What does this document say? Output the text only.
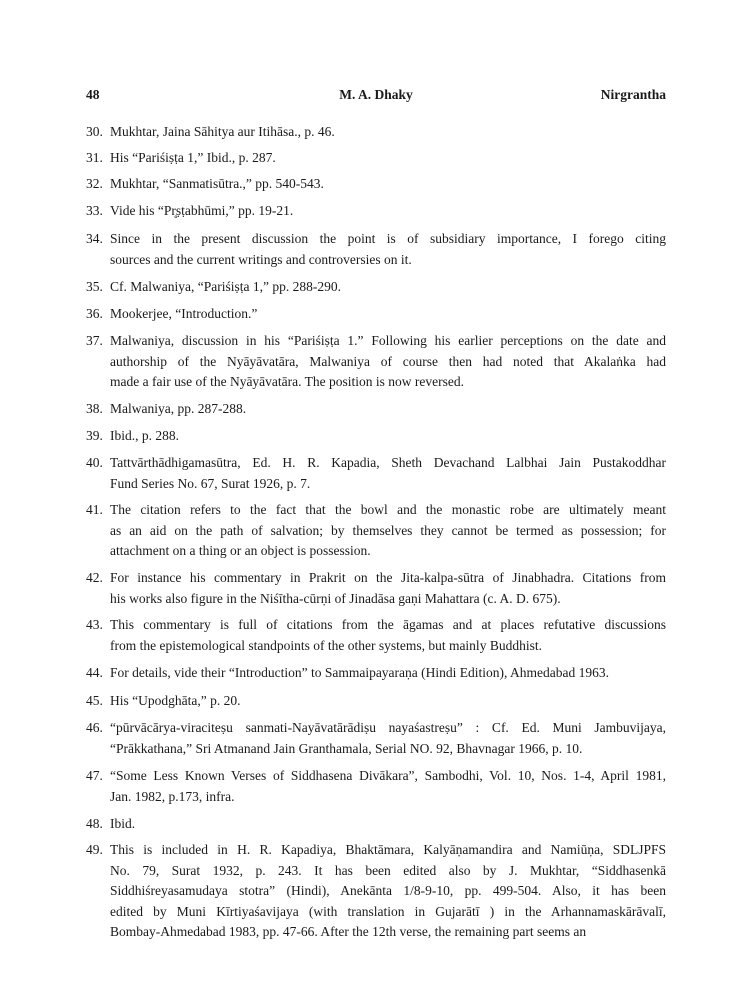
48	M. A. Dhaky	Nirgrantha
30. Mukhtar, Jaina Sāhitya aur Itihāsa., p. 46.
31. His “Pariśiṣṭa 1,” Ibid., p. 287.
32. Mukhtar, “Sanmatisūtra.,” pp. 540-543.
33. Vide his “Pr̥ṣṭabhūmi,” pp. 19-21.
34. Since in the present discussion the point is of subsidiary importance, I forego citing
sources and the current writings and controversies on it.
35. Cf. Malwaniya, “Pariśiṣṭa 1,” pp. 288-290.
36. Mookerjee, “Introduction.”
37. Malwaniya, discussion in his “Pariśiṣṭa 1.” Following his earlier perceptions on the date and
authorship of the Nyāyāvatāra, Malwaniya of course then had noted that Akalaṅka had
made a fair use of the Nyāyāvatāra. The position is now reversed.
38. Malwaniya, pp. 287-288.
39. Ibid., p. 288.
40. Tattvārthādhigamasūtra, Ed. H. R. Kapadia, Sheth Devachand Lalbhai Jain Pustakoddhar
Fund Series No. 67, Surat 1926, p. 7.
41. The citation refers to the fact that the bowl and the monastic robe are ultimately meant
as an aid on the path of salvation; by themselves they cannot be termed as possession; for
attachment on a thing or an object is possession.
42. For instance his commentary in Prakrit on the Jita-kalpa-sūtra of Jinabhadra. Citations from
his works also figure in the Niśītha-cūrṇi of Jinadāsa gaṇi Mahattara (c. A. D. 675).
43. This commentary is full of citations from the āgamas and at places refutative discussions
from the epistemological standpoints of the other systems, but mainly Buddhist.
44. For details, vide their “Introduction” to Sammaipayaraṇa (Hindi Edition), Ahmedabad 1963.
45. His “Upodghāta,” p. 20.
46. “pūrvācārya-viraciteṣu sanmati-Nayāvatārādiṣu nayaśastreṣu” : Cf. Ed. Muni Jambuvijaya,
“Prākkathana,” Sri Atmanand Jain Granthamala, Serial NO. 92, Bhavnagar 1966, p. 10.
47. “Some Less Known Verses of Siddhasena Divākara”, Sambodhi, Vol. 10, Nos. 1-4, April 1981,
Jan. 1982, p.173, infra.
48. Ibid.
49. This is included in H. R. Kapadiya, Bhaktāmara, Kalyāṇamandira and Namiūṇa, SDLJPFS
No. 79, Surat 1932, p. 243. It has been edited also by J. Mukhtar, “Siddhasenkā
Siddhiśreyasamudaya stotra” (Hindi), Anekānta 1/8-9-10, pp. 499-504. Also, it has been
edited by Muni Kīrtiyaśavijaya (with translation in Gujarātī ) in the Arhannamaskārāvalī,
Bombay-Ahmedabad 1983, pp. 47-66. After the 12th verse, the remaining part seems an
